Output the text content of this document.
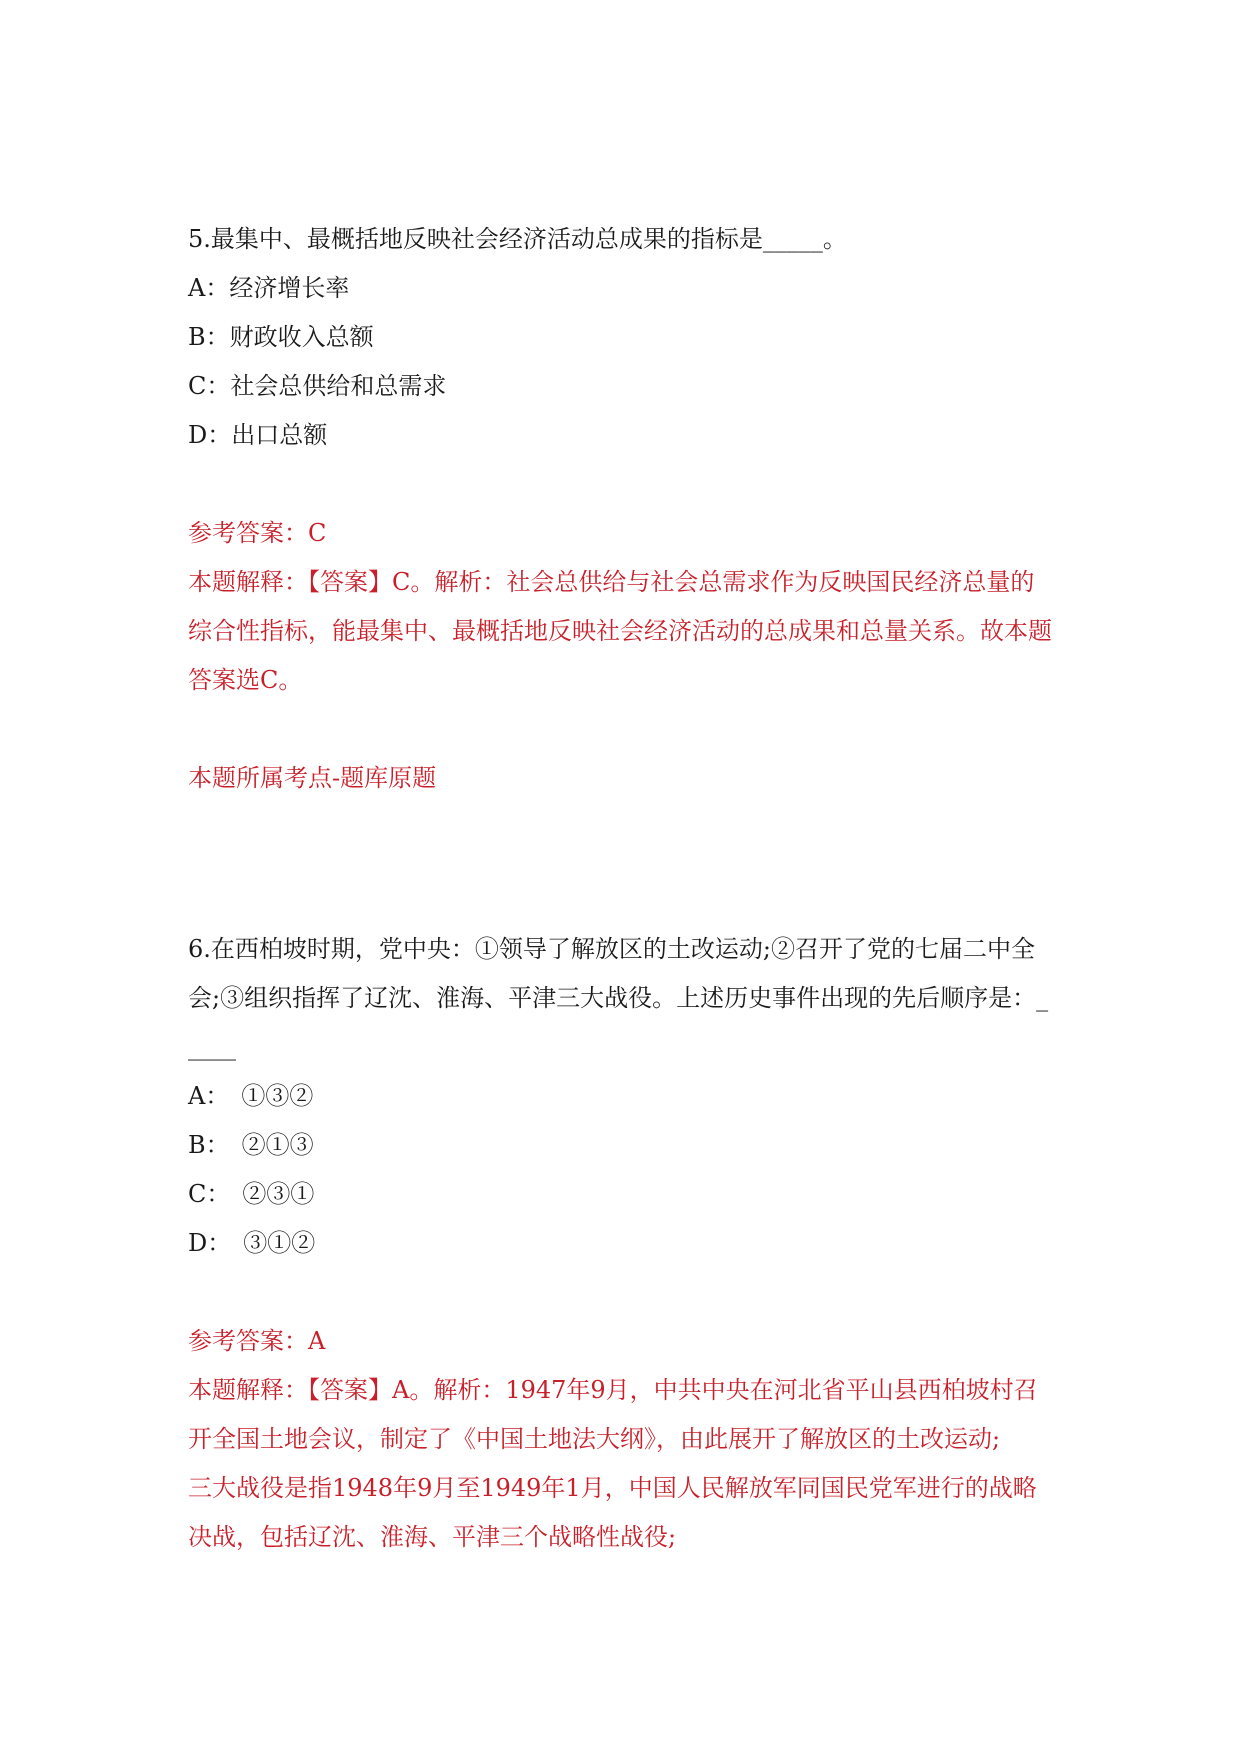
5.最集中、最概括地反映社会经济活动总成果的指标是_____。

A：经济增长率

B：财政收入总额

C：社会总供给和总需求

D：出口总额

参考答案：C

本题解释：【答案】C。解析：社会总供给与社会总需求作为反映国民经济总量的综合性指标，能最集中、最概括地反映社会经济活动的总成果和总量关系。故本题答案选C。

本题所属考点-题库原题

6.在西柏坡时期，党中央：①领导了解放区的土改运动;②召开了党的七届二中全会;③组织指挥了辽沈、淮海、平津三大战役。上述历史事件出现的先后顺序是：_____

A：　①③②

B：　②①③

C：　②③①

D：　③①②

参考答案：A

本题解释：【答案】A。解析：1947年9月，中共中央在河北省平山县西柏坡村召开全国土地会议，制定了《中国土地法大纲》，由此展开了解放区的土改运动;

三大战役是指1948年9月至1949年1月，中国人民解放军同国民党军进行的战略决战，包括辽沈、淮海、平津三个战略性战役;
